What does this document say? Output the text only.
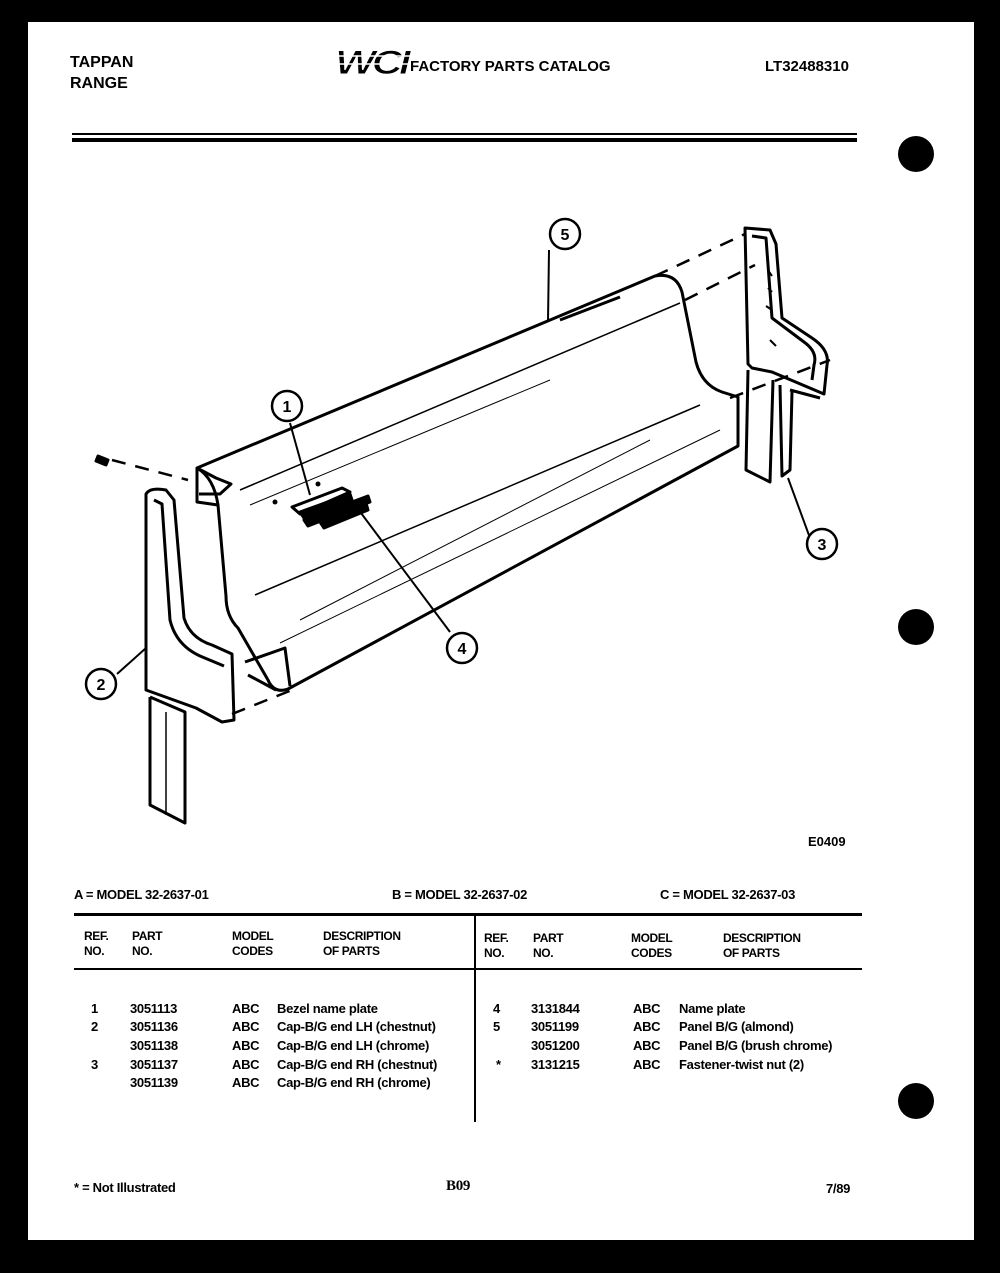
TAPPAN
RANGE
WCI
FACTORY PARTS CATALOG	LT32488310
5
1
4
3
2
E0409
A = MODEL 32-2637-01	B = MODEL 32-2637-02	C = MODEL 32-2637-03
REF.
NO.
PART
NO.
MODEL
CODES
DESCRIPTION
OF PARTS
REF.
NO.
PART
NO.
MODEL
CODES
DESCRIPTION
OF PARTS
1 3051113	ABC Bezel name plate
2 3051136	ABC Cap-B/G end LH (chestnut)
3051138	ABC Cap-B/G end LH (chrome)
3 3051137	ABC Cap-B/G end RH (chestnut)
3051139	ABC Cap-B/G end RH (chrome)
4 3131844	ABC Name plate
5 3051199	ABC Panel B/G (almond)
3051200	ABC Panel B/G (brush chrome)
* 3131215	ABC Fastener-twist nut (2)
* = Not Illustrated	B09	7/89
